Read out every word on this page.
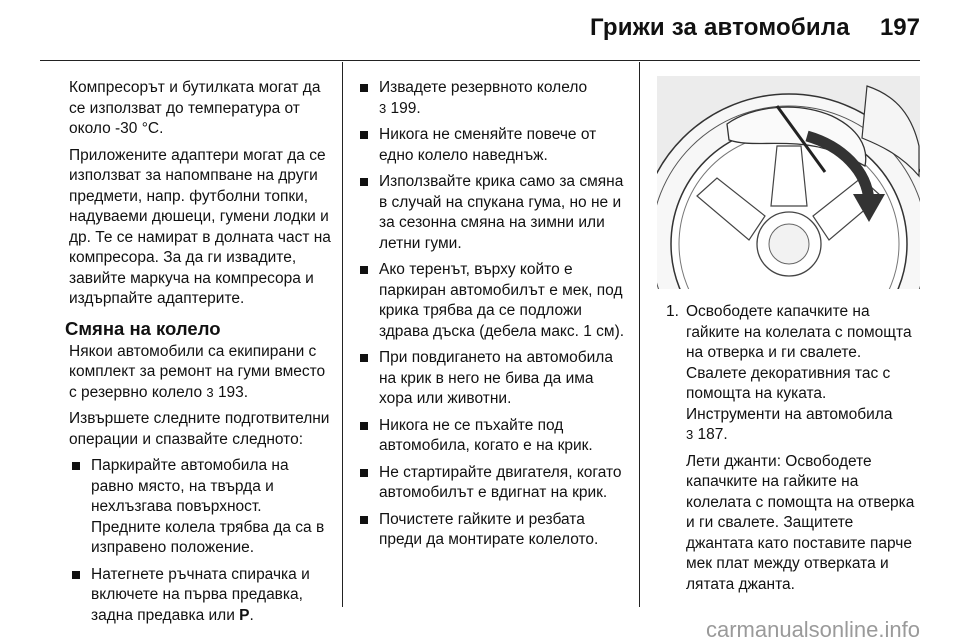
Грижи за автомобила 197

Компресорът и бутилката могат да се използват до температура от около -30 °C.

Приложените адаптери могат да се използват за напомпване на други предмети, напр. футболни топки, надуваеми дюшеци, гумени лодки и др. Те се намират в долната част на компресора. За да ги извадите, завийте маркуча на компресора и издърпайте адаптерите.

Смяна на колело

Някои автомобили са екипирани с комплект за ремонт на гуми вместо с резервно колело 3 193.

Извършете следните подготвителни операции и спазвайте следното:

Паркирайте автомобила на равно място, на твърда и нехлъзгава повърхност. Предните колела трябва да са в изправено положение.
Натегнете ръчната спирачка и включете на първа предавка, задна предавка или P.
Извадете резервното колело
3 199.
Никога не сменяйте повече от едно колело наведнъж.
Използвайте крика само за смяна в случай на спукана гума, но не и за сезонна смяна на зимни или летни гуми.
Ако теренът, върху който е паркиран автомобилът е мек, под крика трябва да се подложи здрава дъска (дебела макс. 1 см).
При повдигането на автомобила на крик в него не бива да има хора или животни.
Никога не се пъхайте под автомобила, когато е на крик.
Не стартирайте двигателя, когато автомобилът е вдигнат на крик.
Почистете гайките и резбата преди да монтирате колелото.
1. Освободете капачките на гайките на колелата с помощта на отверка и ги свалете. Свалете декоративния тас с помощта на куката. Инструменти на автомобила
3 187.
Лети джанти: Освободете капачките на гайките на колелата с помощта на отверка и ги свалете. Защитете джантата като поставите парче мек плат между отверката и лятата джанта.
carmanualsonline.info
